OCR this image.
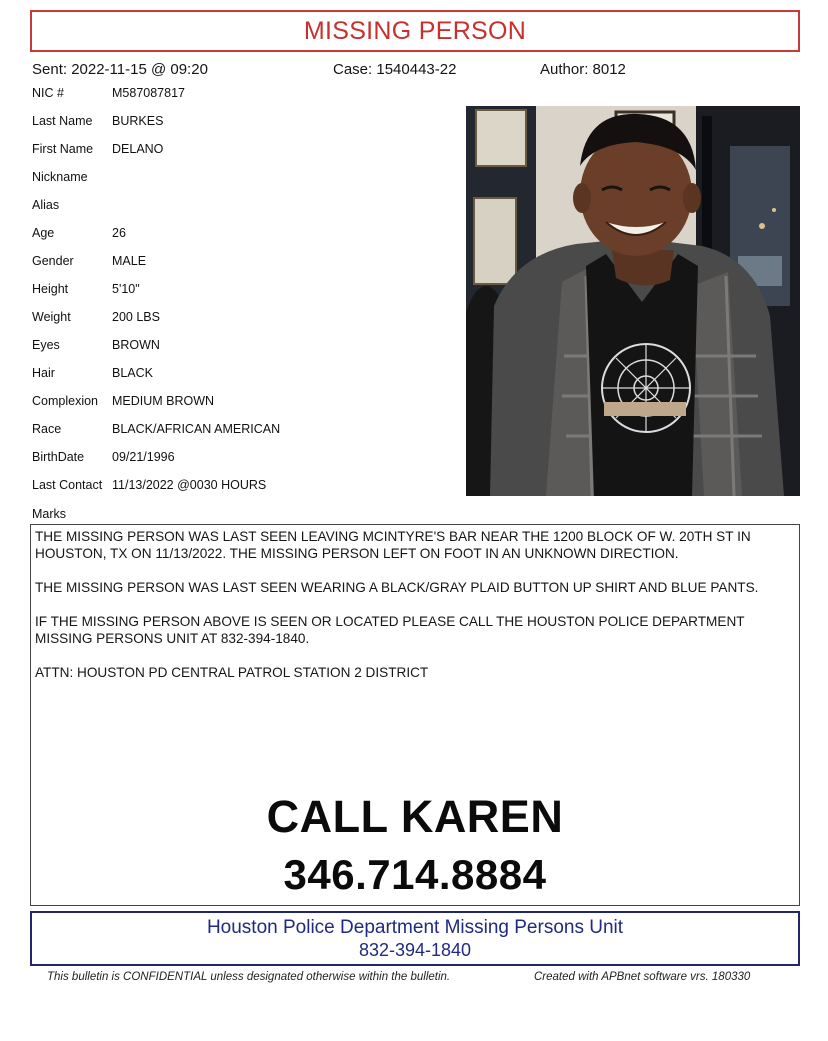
MISSING PERSON
Sent: 2022-11-15 @ 09:20	Case: 1540443-22	Author: 8012
NIC #	M587087817
Last Name	BURKES
First Name	DELANO
Nickname
Alias
Age	26
Gender	MALE
Height	5'10"
Weight	200 LBS
Eyes	BROWN
Hair	BLACK
Complexion	MEDIUM BROWN
Race	BLACK/AFRICAN AMERICAN
BirthDate	09/21/1996
Last Contact 11/13/2022 @0030 HOURS
Marks

THE MISSING PERSON WAS LAST SEEN LEAVING MCINTYRE'S BAR NEAR THE 1200 BLOCK OF W. 20TH ST IN HOUSTON, TX ON 11/13/2022. THE MISSING PERSON LEFT ON FOOT IN AN UNKNOWN DIRECTION.

THE MISSING PERSON WAS LAST SEEN WEARING A BLACK/GRAY PLAID BUTTON UP SHIRT AND BLUE PANTS.

IF THE MISSING PERSON ABOVE IS SEEN OR LOCATED PLEASE CALL THE HOUSTON POLICE DEPARTMENT MISSING PERSONS UNIT AT 832-394-1840.

ATTN: HOUSTON PD CENTRAL PATROL STATION 2 DISTRICT

CALL KAREN
346.714.8884
Houston Police Department Missing Persons Unit
832-394-1840
This bulletin is CONFIDENTIAL unless designated otherwise within the bulletin.	Created with APBnet software vrs. 180330
